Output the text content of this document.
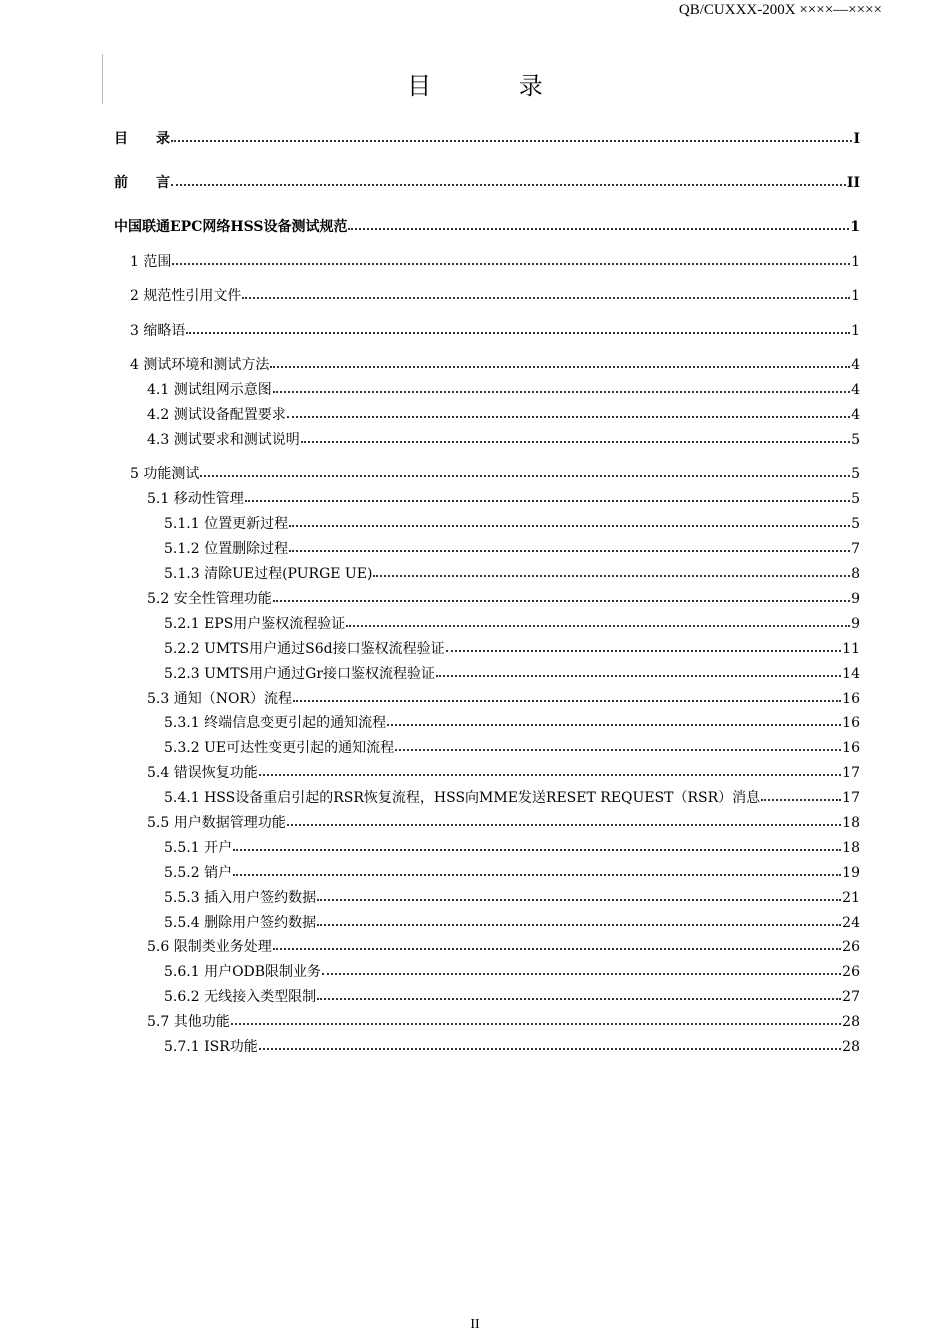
QB/CUXXX-200X ××××—××××
目 录
目　　录	I
前　　言	II
中国联通EPC网络HSS设备测试规范	1
1 范围	1
2 规范性引用文件	1
3 缩略语	1
4 测试环境和测试方法	4
4.1 测试组网示意图	4
4.2 测试设备配置要求	4
4.3 测试要求和测试说明	5
5 功能测试	5
5.1 移动性管理	5
5.1.1 位置更新过程	5
5.1.2 位置删除过程	7
5.1.3 清除UE过程(PURGE UE)	8
5.2 安全性管理功能	9
5.2.1 EPS用户鉴权流程验证	9
5.2.2 UMTS用户通过S6d接口鉴权流程验证	11
5.2.3 UMTS用户通过Gr接口鉴权流程验证	14
5.3 通知（NOR）流程	16
5.3.1 终端信息变更引起的通知流程	16
5.3.2 UE可达性变更引起的通知流程	16
5.4 错误恢复功能	17
5.4.1 HSS设备重启引起的RSR恢复流程，HSS向MME发送RESET REQUEST（RSR）消息	17
5.5 用户数据管理功能	18
5.5.1 开户	18
5.5.2 销户	19
5.5.3 插入用户签约数据	21
5.5.4 删除用户签约数据	24
5.6 限制类业务处理	26
5.6.1 用户ODB限制业务	26
5.6.2 无线接入类型限制	27
5.7 其他功能	28
5.7.1 ISR功能	28
II
